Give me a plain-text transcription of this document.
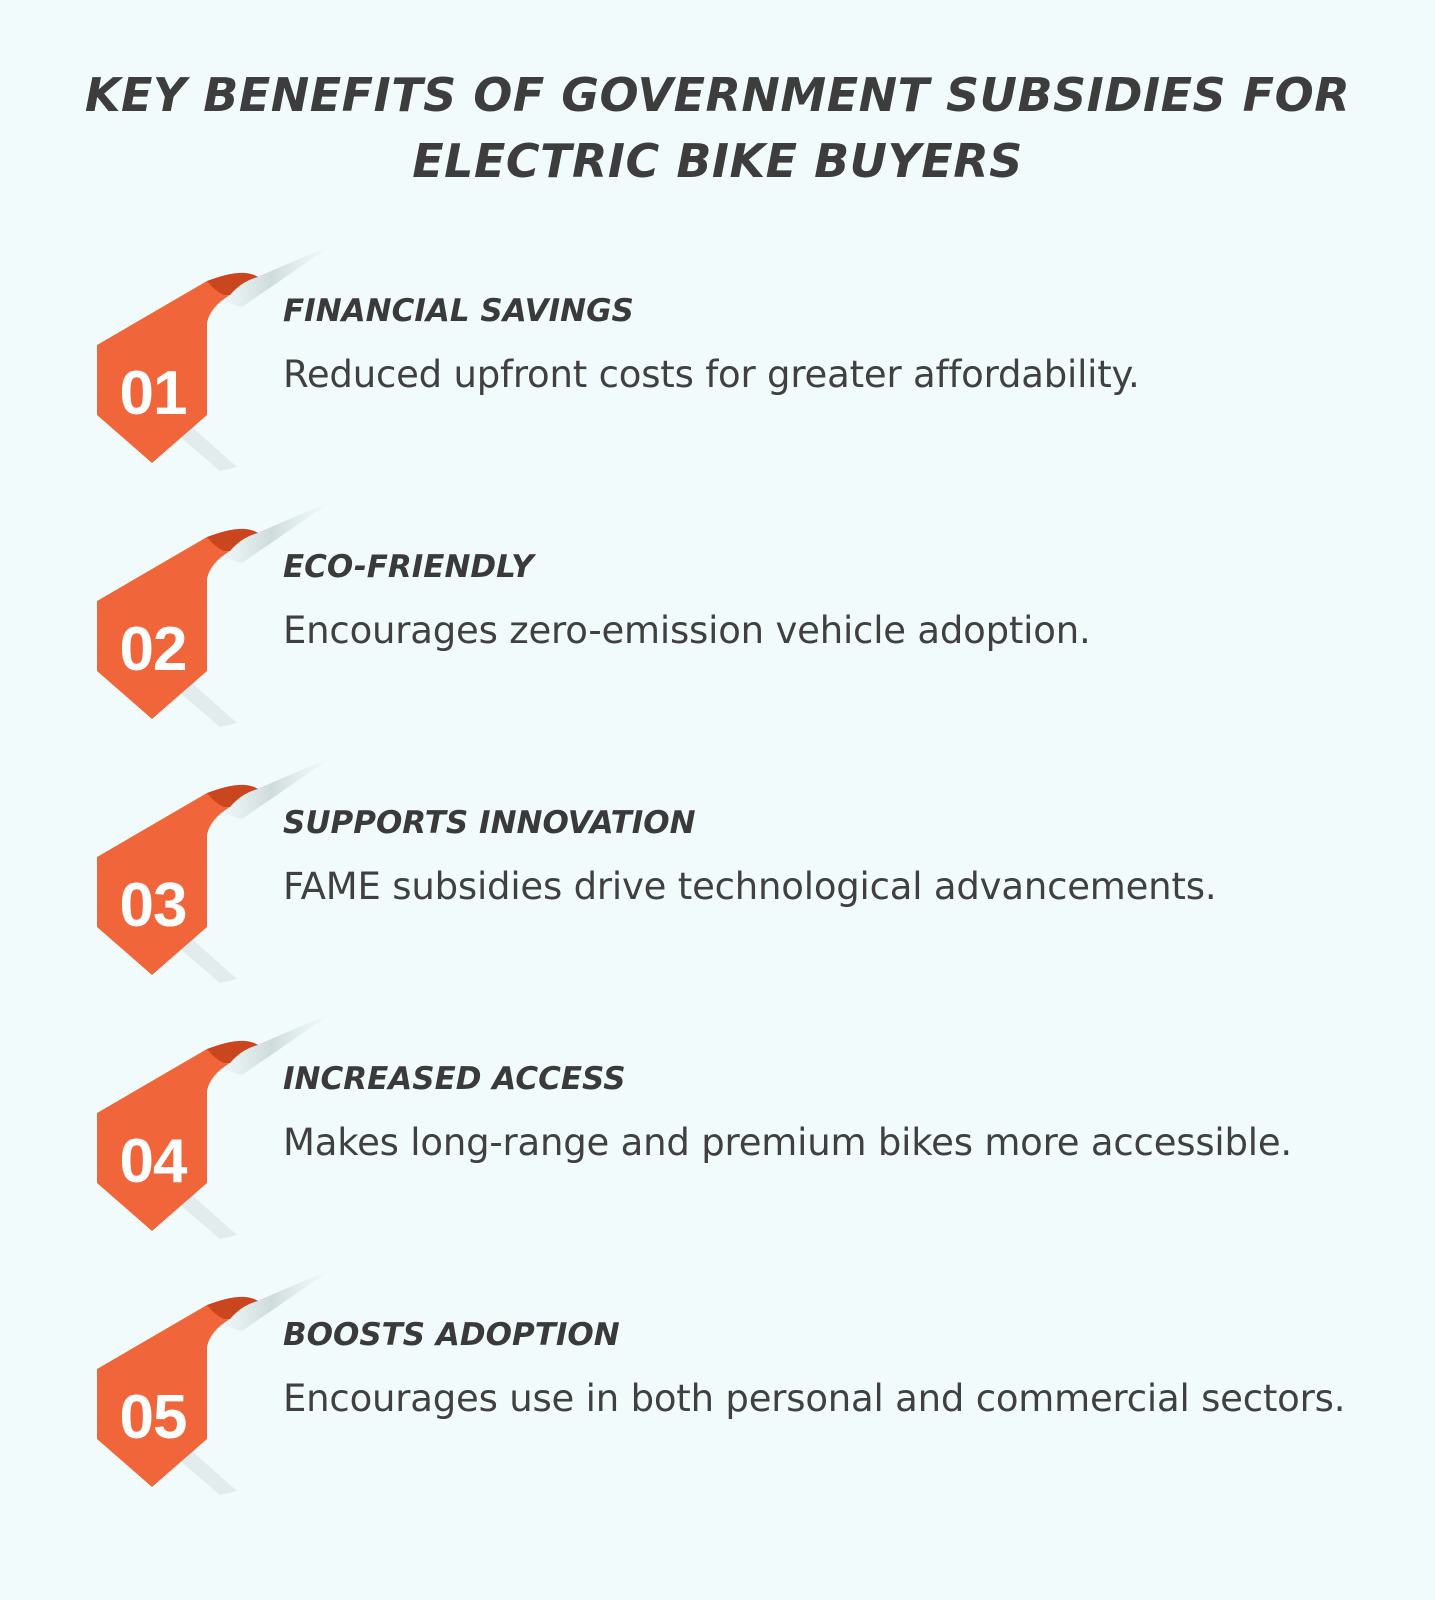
KEY BENEFITS OF GOVERNMENT SUBSIDIES FOR
ELECTRIC BIKE BUYERS
01
FINANCIAL SAVINGS
Reduced upfront costs for greater affordability.
02
ECO-FRIENDLY
Encourages zero-emission vehicle adoption.
03
SUPPORTS INNOVATION
FAME subsidies drive technological advancements.
04
INCREASED ACCESS
Makes long-range and premium bikes more accessible.
05
BOOSTS ADOPTION
Encourages use in both personal and commercial sectors.
